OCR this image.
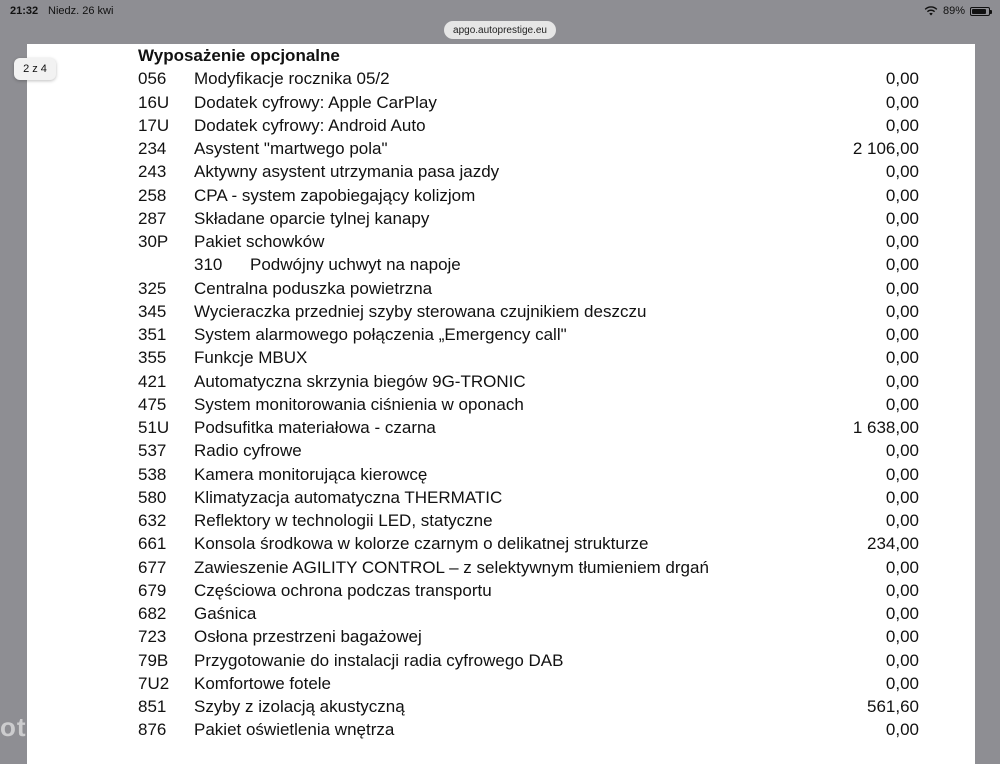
21:32 Niedz. 26 kwi	89%
apgo.autoprestige.eu
2 z 4
Wyposażenie opcjonalne
056 Modyfikacje rocznika 05/2	0,00
16U Dodatek cyfrowy: Apple CarPlay	0,00
17U Dodatek cyfrowy: Android Auto	0,00
234 Asystent "martwego pola"	2 106,00
243 Aktywny asystent utrzymania pasa jazdy	0,00
258 CPA - system zapobiegający kolizjom	0,00
287 Składane oparcie tylnej kanapy	0,00
30P Pakiet schowków	0,00
310 Podwójny uchwyt na napoje	0,00
325 Centralna poduszka powietrzna	0,00
345 Wycieraczka przedniej szyby sterowana czujnikiem deszczu	0,00
351 System alarmowego połączenia „Emergency call"	0,00
355 Funkcje MBUX	0,00
421 Automatyczna skrzynia biegów 9G-TRONIC	0,00
475 System monitorowania ciśnienia w oponach	0,00
51U Podsufitka materiałowa - czarna	1 638,00
537 Radio cyfrowe	0,00
538 Kamera monitorująca kierowcę	0,00
580 Klimatyzacja automatyczna THERMATIC	0,00
632 Reflektory w technologii LED, statyczne	0,00
661 Konsola środkowa w kolorze czarnym o delikatnej strukturze	234,00
677 Zawieszenie AGILITY CONTROL – z selektywnym tłumieniem drgań	0,00
679 Częściowa ochrona podczas transportu	0,00
682 Gaśnica	0,00
723 Osłona przestrzeni bagażowej	0,00
79B Przygotowanie do instalacji radia cyfrowego DAB	0,00
7U2 Komfortowe fotele	0,00
851 Szyby z izolacją akustyczną	561,60
876 Pakiet oświetlenia wnętrza	0,00
otomoto
